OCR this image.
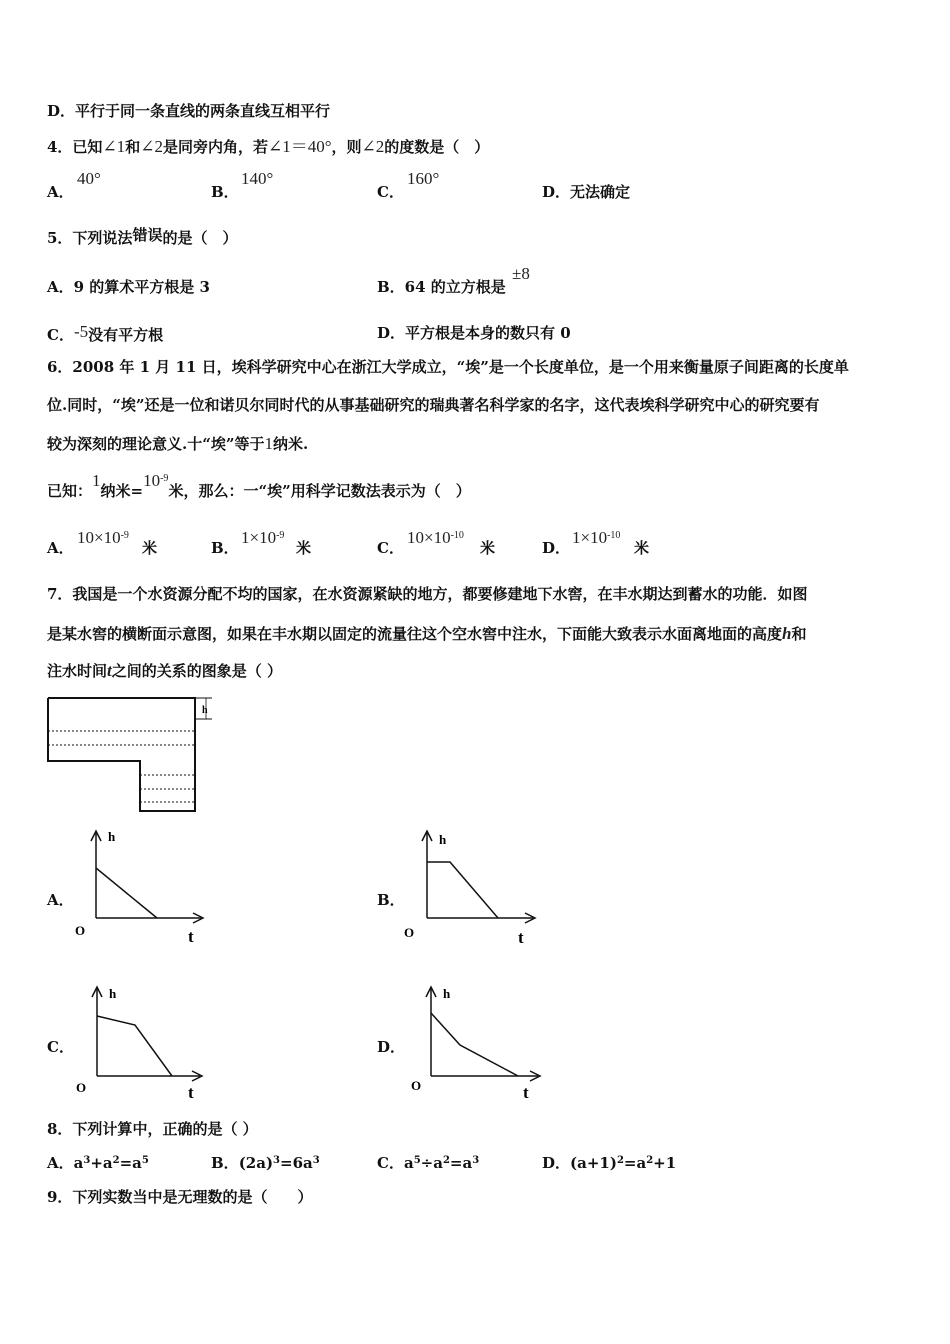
D．平行于同一条直线的两条直线互相平行
4．已知∠1和∠2是同旁内角，若∠1＝40°，则∠2的度数是（　）
A．
40°
B．
140°
C．
160°
D．无法确定
5．下列说法错误的是（　）
A．9 的算术平方根是 3	B．64 的立方根是
±8
C．-5没有平方根	D．平方根是本身的数只有 0
6．2008 年 1 月 11 日，埃科学研究中心在浙江大学成立，“埃”是一个长度单位，是一个用来衡量原子间距离的长度单
位.同时，“埃”还是一位和诺贝尔同时代的从事基础研究的瑞典著名科学家的名字，这代表埃科学研究中心的研究要有
较为深刻的理论意义.十“埃”等于1纳米.
已知：1纳米$=10^{-9}$米，那么：一“埃”用科学记数法表示为（　）
A．
$10\times 10^{-9}$
米	B．
$1\times 10^{-9}$
米	C．
$10\times 10^{-10}$
米	D．
$1\times 10^{-10}$
米
7．我国是一个水资源分配不均的国家，在水资源紧缺的地方，都要修建地下水窖，在丰水期达到蓄水的功能．如图
是某水窖的横断面示意图，如果在丰水期以固定的流量往这个空水窖中注水，下面能大致表示水面离地面的高度h和
注水时间t之间的关系的图象是（ ）
h
A．	B．
C．	D．
h
t
O
h
t
O
h
t
O
h
t
O
8．下列计算中，正确的是（ ）
A．$a^3+a^2=a^5$	B．$(2a)^3=6a^3$	C．$a^5\div a^2=a^3$	D．$(a+1)^2=a^2+1$
9．下列实数当中是无理数的是（　　）
